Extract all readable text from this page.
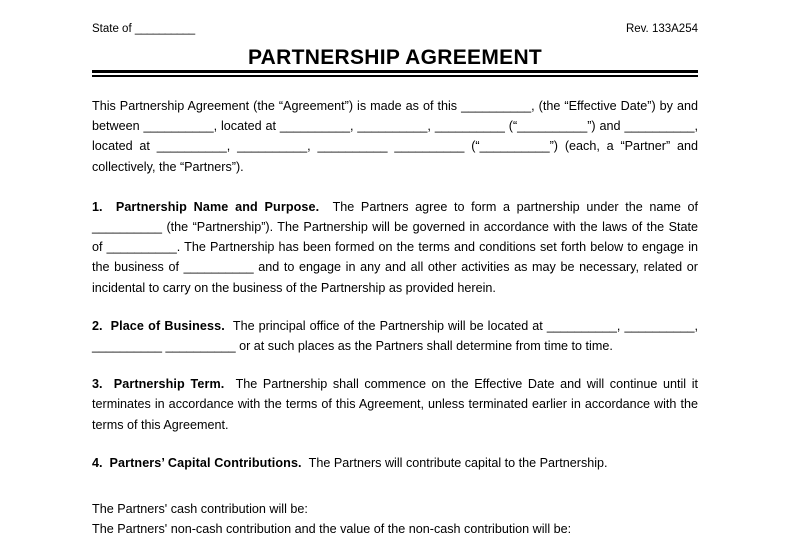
State of _____	Rev. 133A254
PARTNERSHIP AGREEMENT

This Partnership Agreement (the “Agreement”) is made as of this __________, (the “Effective Date”) by and between __________, located at __________, __________, __________ (“__________”) and __________, located at __________, __________, __________ __________ (“__________”) (each, a “Partner” and collectively, the “Partners”).

1. Partnership Name and Purpose. The Partners agree to form a partnership under the name of __________ (the “Partnership”). The Partnership will be governed in accordance with the laws of the State of __________. The Partnership has been formed on the terms and conditions set forth below to engage in the business of __________ and to engage in any and all other activities as may be necessary, related or incidental to carry on the business of the Partnership as provided herein.

2. Place of Business. The principal office of the Partnership will be located at __________, __________, __________ __________ or at such places as the Partners shall determine from time to time.

3. Partnership Term. The Partnership shall commence on the Effective Date and will continue until it terminates in accordance with the terms of this Agreement, unless terminated earlier in accordance with the terms of this Agreement.

4. Partners’ Capital Contributions. The Partners will contribute capital to the Partnership.

The Partners' cash contribution will be:

The Partners' non-cash contribution and the value of the non-cash contribution will be:
